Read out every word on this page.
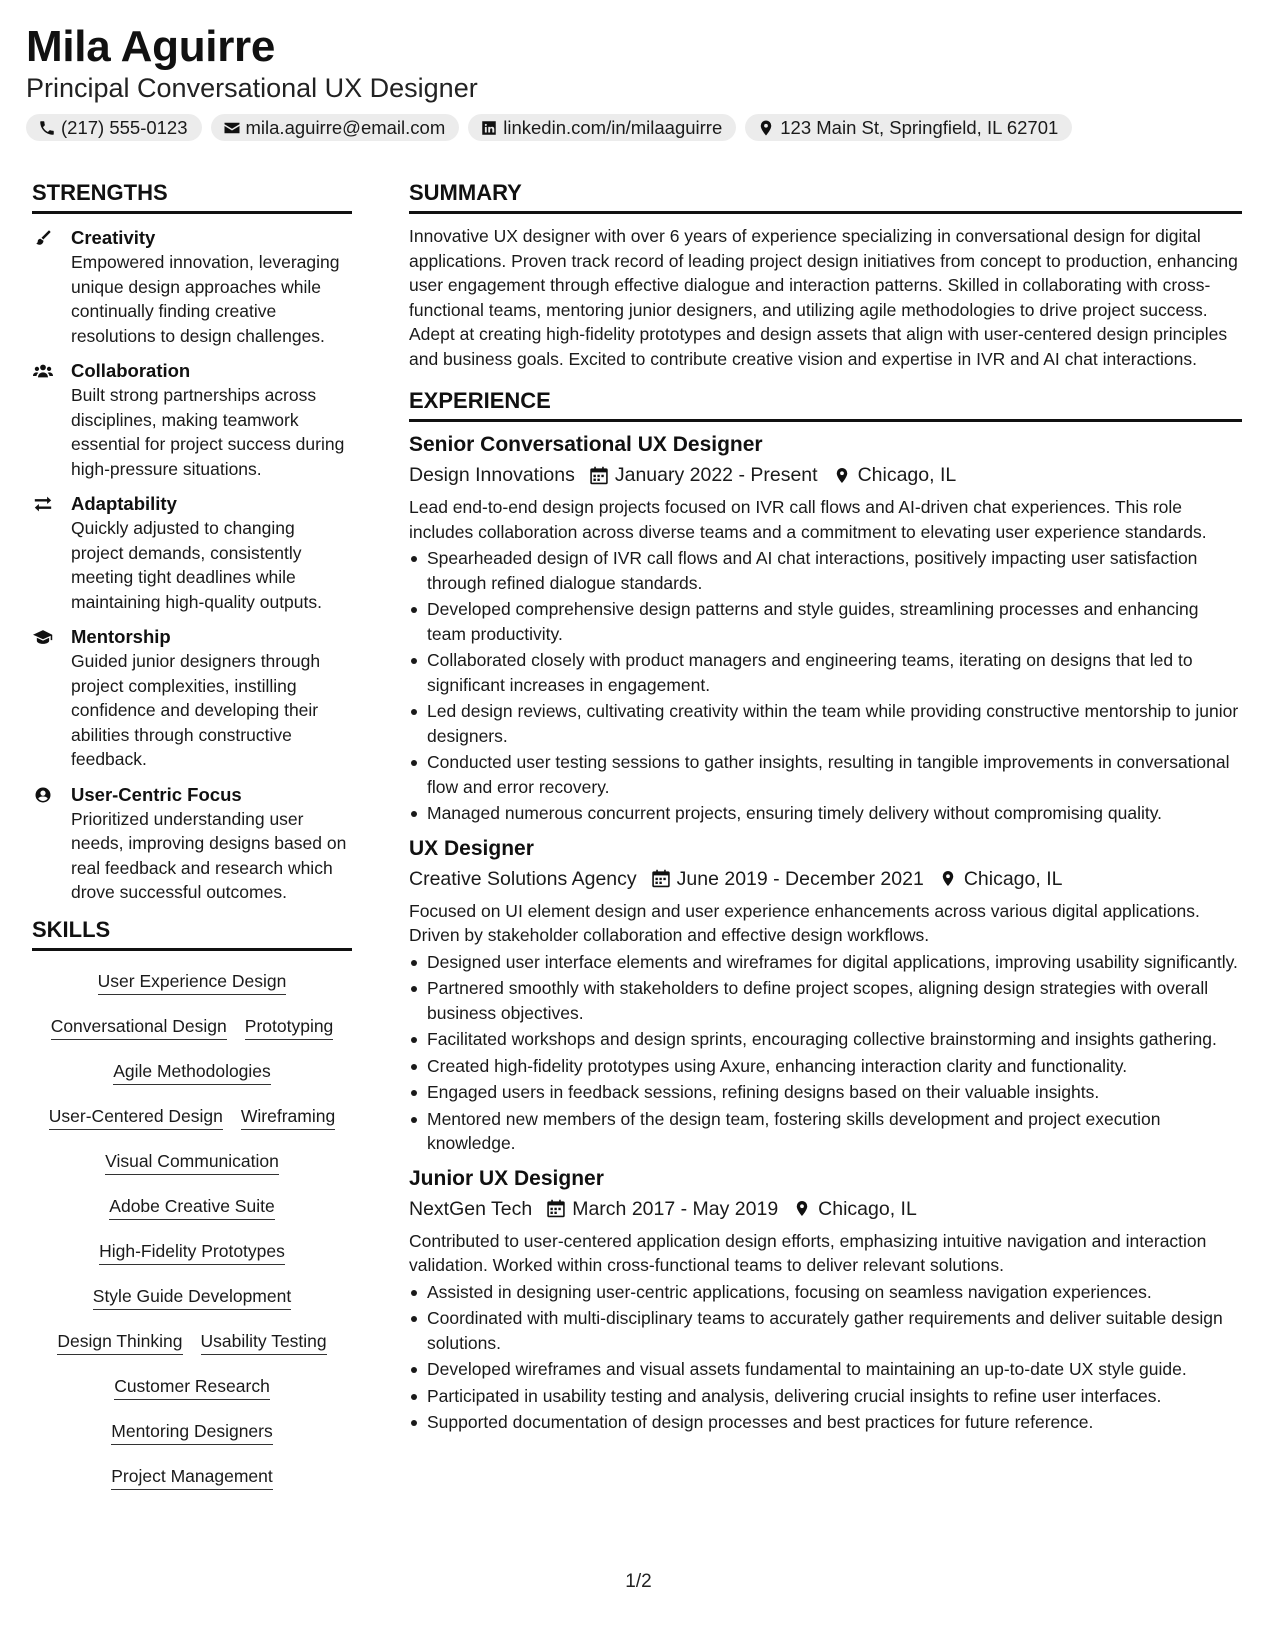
Mila Aguirre
Principal Conversational UX Designer
(217) 555-0123	mila.aguirre@email.com	linkedin.com/in/milaaguirre	123 Main St, Springfield, IL 62701
STRENGTHS
Creativity
Empowered innovation, leveraging unique design approaches while continually finding creative resolutions to design challenges.
Collaboration
Built strong partnerships across disciplines, making teamwork essential for project success during high-pressure situations.
Adaptability
Quickly adjusted to changing project demands, consistently meeting tight deadlines while maintaining high-quality outputs.
Mentorship
Guided junior designers through project complexities, instilling confidence and developing their abilities through constructive feedback.
User-Centric Focus
Prioritized understanding user needs, improving designs based on real feedback and research which drove successful outcomes.
SKILLS
User Experience Design
Conversational Design Prototyping
Agile Methodologies
User-Centered Design Wireframing
Visual Communication
Adobe Creative Suite
High-Fidelity Prototypes
Style Guide Development
Design Thinking Usability Testing
Customer Research
Mentoring Designers
Project Management
SUMMARY
Innovative UX designer with over 6 years of experience specializing in conversational design for digital applications. Proven track record of leading project design initiatives from concept to production, enhancing user engagement through effective dialogue and interaction patterns. Skilled in collaborating with cross-functional teams, mentoring junior designers, and utilizing agile methodologies to drive project success. Adept at creating high-fidelity prototypes and design assets that align with user-centered design principles and business goals. Excited to contribute creative vision and expertise in IVR and AI chat interactions.
EXPERIENCE
Senior Conversational UX Designer
Design Innovations January 2022 - Present Chicago, IL
Lead end-to-end design projects focused on IVR call flows and AI-driven chat experiences. This role includes collaboration across diverse teams and a commitment to elevating user experience standards.
Spearheaded design of IVR call flows and AI chat interactions, positively impacting user satisfaction through refined dialogue standards.
Developed comprehensive design patterns and style guides, streamlining processes and enhancing team productivity.
Collaborated closely with product managers and engineering teams, iterating on designs that led to significant increases in engagement.
Led design reviews, cultivating creativity within the team while providing constructive mentorship to junior designers.
Conducted user testing sessions to gather insights, resulting in tangible improvements in conversational flow and error recovery.
Managed numerous concurrent projects, ensuring timely delivery without compromising quality.
UX Designer
Creative Solutions Agency June 2019 - December 2021 Chicago, IL
Focused on UI element design and user experience enhancements across various digital applications. Driven by stakeholder collaboration and effective design workflows.
Designed user interface elements and wireframes for digital applications, improving usability significantly.
Partnered smoothly with stakeholders to define project scopes, aligning design strategies with overall business objectives.
Facilitated workshops and design sprints, encouraging collective brainstorming and insights gathering.
Created high-fidelity prototypes using Axure, enhancing interaction clarity and functionality.
Engaged users in feedback sessions, refining designs based on their valuable insights.
Mentored new members of the design team, fostering skills development and project execution knowledge.
Junior UX Designer
NextGen Tech March 2017 - May 2019 Chicago, IL
Contributed to user-centered application design efforts, emphasizing intuitive navigation and interaction validation. Worked within cross-functional teams to deliver relevant solutions.
Assisted in designing user-centric applications, focusing on seamless navigation experiences.
Coordinated with multi-disciplinary teams to accurately gather requirements and deliver suitable design solutions.
Developed wireframes and visual assets fundamental to maintaining an up-to-date UX style guide.
Participated in usability testing and analysis, delivering crucial insights to refine user interfaces.
Supported documentation of design processes and best practices for future reference.
1/2
